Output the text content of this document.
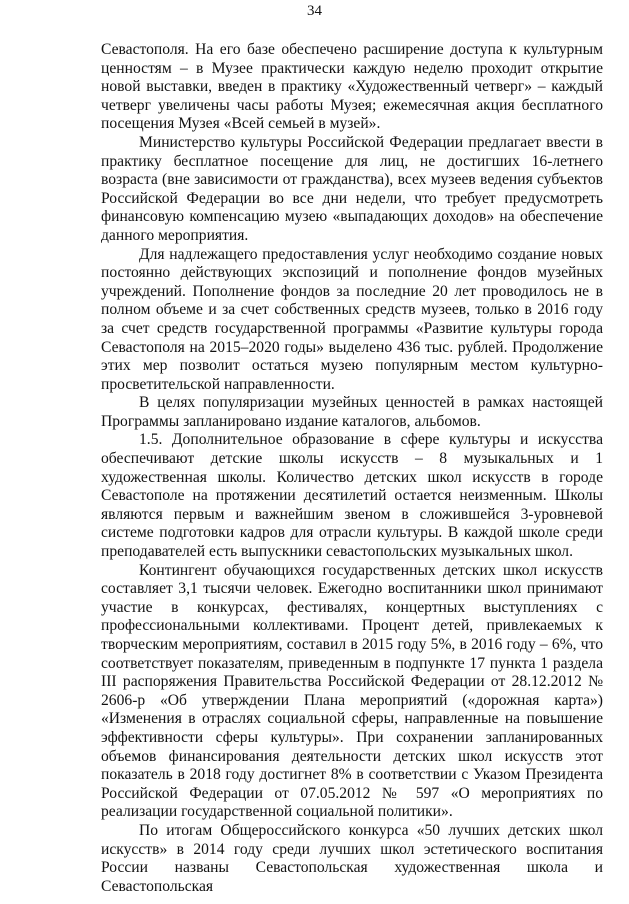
34

Севастополя. На его базе обеспечено расширение доступа к культурным ценностям – в Музее практически каждую неделю проходит открытие новой выставки, введен в практику «Художественный четверг» – каждый четверг увеличены часы работы Музея; ежемесячная акция бесплатного посещения Музея «Всей семьей в музей».

Министерство культуры Российской Федерации предлагает ввести в практику бесплатное посещение для лиц, не достигших 16-летнего возраста (вне зависимости от гражданства), всех музеев ведения субъектов Российской Федерации во все дни недели, что требует предусмотреть финансовую компенсацию музею «выпадающих доходов» на обеспечение данного мероприятия.

Для надлежащего предоставления услуг необходимо создание новых постоянно действующих экспозиций и пополнение фондов музейных учреждений. Пополнение фондов за последние 20 лет проводилось не в полном объеме и за счет собственных средств музеев, только в 2016 году за счет средств государственной программы «Развитие культуры города Севастополя на 2015–2020 годы» выделено 436 тыс. рублей. Продолжение этих мер позволит остаться музею популярным местом культурно-просветительской направленности.

В целях популяризации музейных ценностей в рамках настоящей Программы запланировано издание каталогов, альбомов.

1.5. Дополнительное образование в сфере культуры и искусства обеспечивают детские школы искусств – 8 музыкальных и 1 художественная школы. Количество детских школ искусств в городе Севастополе на протяжении десятилетий остается неизменным. Школы являются первым и важнейшим звеном в сложившейся 3-уровневой системе подготовки кадров для отрасли культуры. В каждой школе среди преподавателей есть выпускники севастопольских музыкальных школ.

Контингент обучающихся государственных детских школ искусств составляет 3,1 тысячи человек. Ежегодно воспитанники школ принимают участие в конкурсах, фестивалях, концертных выступлениях с профессиональными коллективами. Процент детей, привлекаемых к творческим мероприятиям, составил в 2015 году 5%, в 2016 году – 6%, что соответствует показателям, приведенным в подпункте 17 пункта 1 раздела III распоряжения Правительства Российской Федерации от 28.12.2012 № 2606-р «Об утверждении Плана мероприятий («дорожная карта») «Изменения в отраслях социальной сферы, направленные на повышение эффективности сферы культуры». При сохранении запланированных объемов финансирования деятельности детских школ искусств этот показатель в 2018 году достигнет 8% в соответствии с Указом Президента Российской Федерации от 07.05.2012 № 597 «О мероприятиях по реализации государственной социальной политики».

По итогам Общероссийского конкурса «50 лучших детских школ искусств» в 2014 году среди лучших школ эстетического воспитания России названы Севастопольская художественная школа и Севастопольская
